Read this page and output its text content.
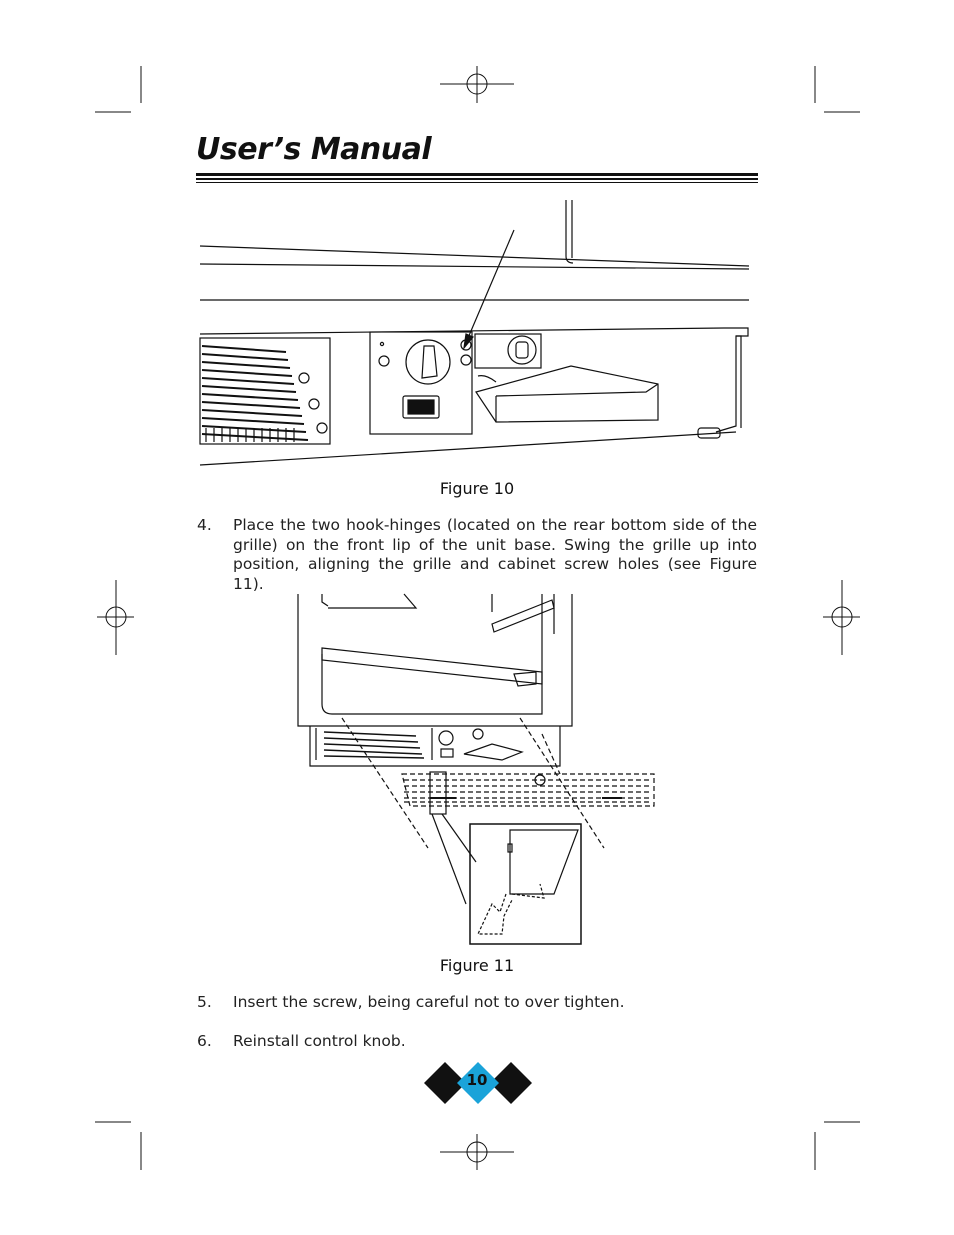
User’s Manual
Figure 10
4. Place the two hook-hinges (located on the rear bottom side of the grille) on the front lip of the unit base. Swing the grille up into position, aligning the grille and cabinet screw holes (see Figure 11).
Figure 11
5. Insert the screw, being careful not to over tighten.
6. Reinstall control knob.
10
